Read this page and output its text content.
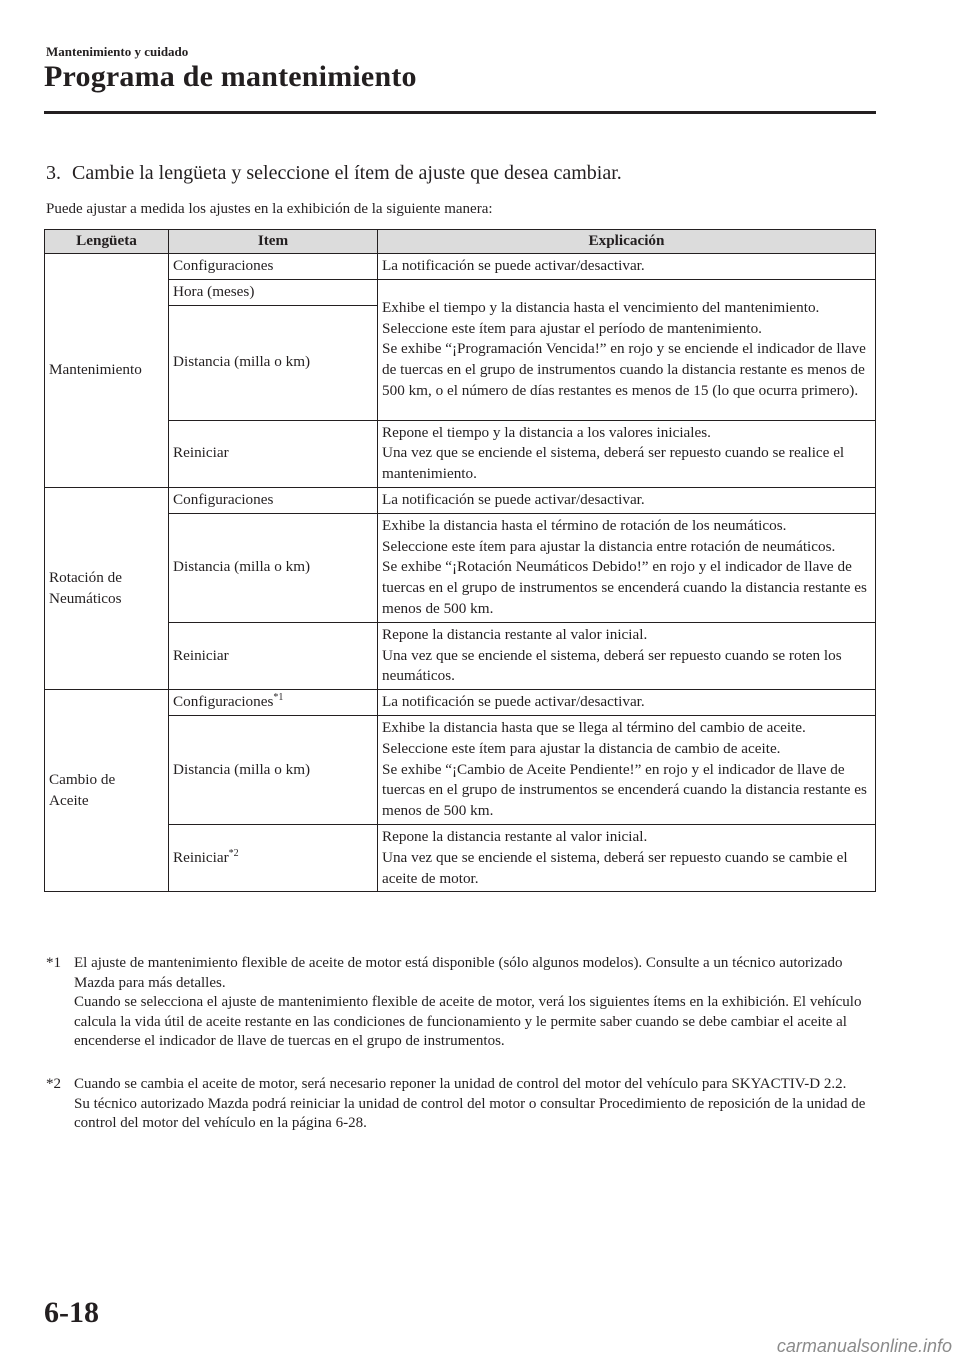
Mantenimiento y cuidado
Programa de mantenimiento
3. Cambie la lengüeta y seleccione el ítem de ajuste que desea cambiar.
Puede ajustar a medida los ajustes en la exhibición de la siguiente manera:
Lengüeta	Item	Explicación

Mantenimiento	Configuraciones	La notificación se puede activar/desactivar.
	Hora (meses)	Exhibe el tiempo y la distancia hasta el vencimiento del mantenimiento.
Seleccione este ítem para ajustar el período de mantenimiento.
Se exhibe “¡Programación Vencida!” en rojo y se enciende el indicador de llave de tuercas en el grupo de instrumentos cuando la distancia restante es menos de 500 km, o el número de días restantes es menos de 15 (lo que ocurra primero).
	Distancia (milla o km)	
	Reiniciar	Repone el tiempo y la distancia a los valores iniciales.
Una vez que se enciende el sistema, deberá ser repuesto cuando se realice el mantenimiento.

Rotación de
Neumáticos	Configuraciones	La notificación se puede activar/desactivar.
	Distancia (milla o km)	Exhibe la distancia hasta el término de rotación de los neumáticos.
Seleccione este ítem para ajustar la distancia entre rotación de neumáticos.
Se exhibe “¡Rotación Neumáticos Debido!” en rojo y el indicador de llave de tuercas en el grupo de instrumentos se encenderá cuando la distancia restante es menos de 500 km.
	Reiniciar	Repone la distancia restante al valor inicial.
Una vez que se enciende el sistema, deberá ser repuesto cuando se roten los neumáticos.

Cambio de
Aceite	Configuraciones$^{*1}$	La notificación se puede activar/desactivar.
	Distancia (milla o km)	Exhibe la distancia hasta que se llega al término del cambio de aceite.
Seleccione este ítem para ajustar la distancia de cambio de aceite.
Se exhibe “¡Cambio de Aceite Pendiente!” en rojo y el indicador de llave de tuercas en el grupo de instrumentos se encenderá cuando la distancia restante es menos de 500 km.
	Reiniciar$^{*2}$	Repone la distancia restante al valor inicial.
Una vez que se enciende el sistema, deberá ser repuesto cuando se cambie el aceite de motor.
*1 El ajuste de mantenimiento flexible de aceite de motor está disponible (sólo algunos modelos). Consulte a un técnico autorizado Mazda para más detalles.

Cuando se selecciona el ajuste de mantenimiento flexible de aceite de motor, verá los siguientes ítems en la exhibición. El vehículo calcula la vida útil de aceite restante en las condiciones de funcionamiento y le permite saber cuando se debe cambiar el aceite al encenderse el indicador de llave de tuercas en el grupo de instrumentos.

*2 Cuando se cambia el aceite de motor, será necesario reponer la unidad de control del motor del vehículo para SKYACTIV-D 2.2.

Su técnico autorizado Mazda podrá reiniciar la unidad de control del motor o consultar Procedimiento de reposición de la unidad de control del motor del vehículo en la página 6-28.

6-18
carmanualsonline.info
